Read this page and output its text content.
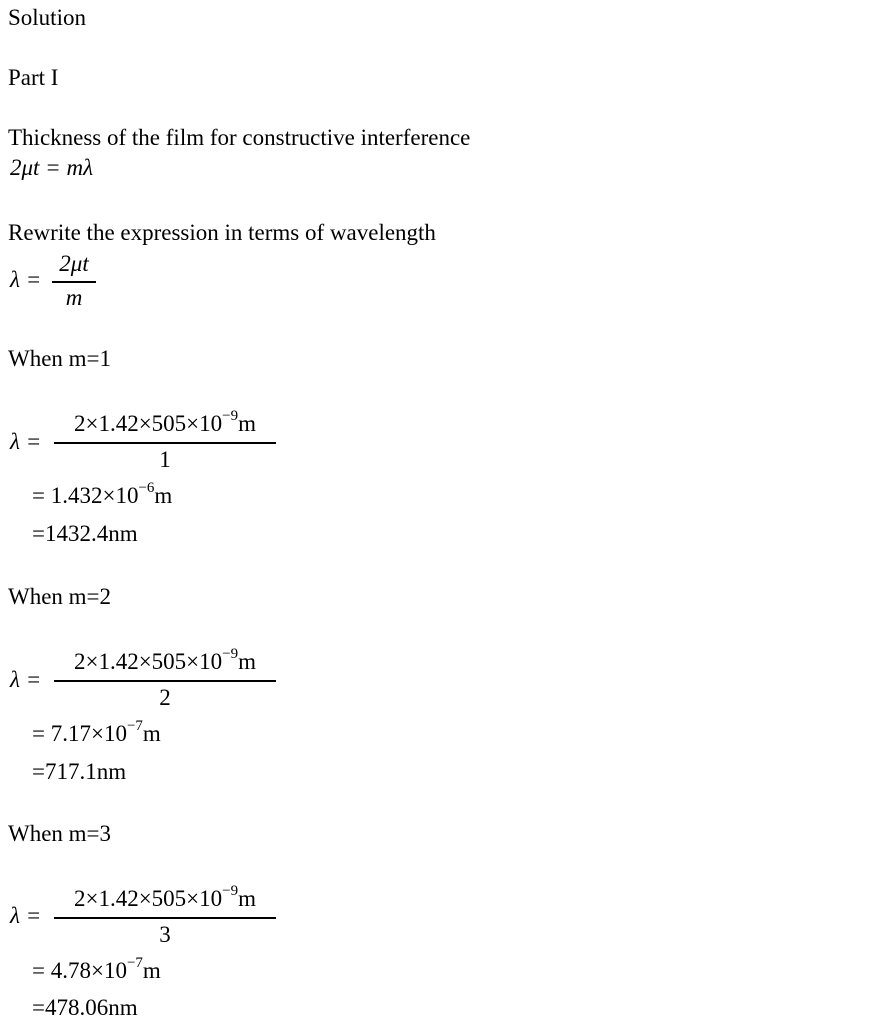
Solution
Part I
Thickness of the film for constructive interference
2μt = mλ
Rewrite the expression in terms of wavelength
λ =
2μt
m
When m=1
λ =
$2\times 1.42\times 505\times 10^{-9}m$
1
= $1.432\times 10^{-6}m$
=1432.4nm
When m=2
λ =
$2\times 1.42\times 505\times 10^{-9}m$
2
= $7.17\times 10^{-7}m$
=717.1nm
When m=3
λ =
$2\times 1.42\times 505\times 10^{-9}m$
3
= $4.78\times 10^{-7}m$
=478.06nm
